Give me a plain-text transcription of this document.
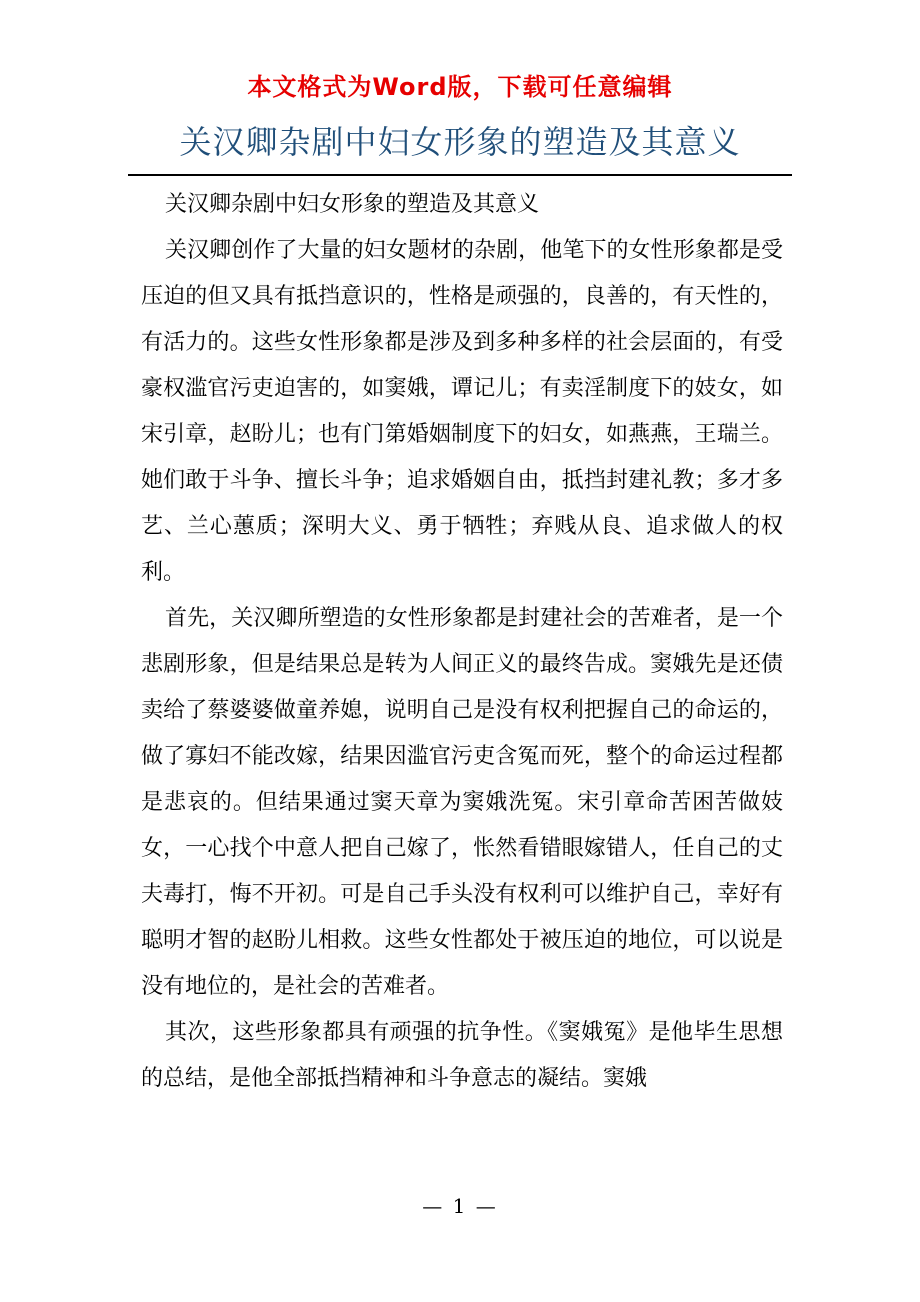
本文格式为Word版，下载可任意编辑
关汉卿杂剧中妇女形象的塑造及其意义

关汉卿杂剧中妇女形象的塑造及其意义

关汉卿创作了大量的妇女题材的杂剧，他笔下的女性形象都是受压迫的但又具有抵挡意识的，性格是顽强的，良善的，有天性的，有活力的。这些女性形象都是涉及到多种多样的社会层面的，有受豪权滥官污吏迫害的，如窦娥，谭记儿；有卖淫制度下的妓女，如宋引章，赵盼儿；也有门第婚姻制度下的妇女，如燕燕，王瑞兰。她们敢于斗争、擅长斗争；追求婚姻自由，抵挡封建礼教；多才多艺、兰心蕙质；深明大义、勇于牺牲；弃贱从良、追求做人的权利。

首先，关汉卿所塑造的女性形象都是封建社会的苦难者，是一个悲剧形象，但是结果总是转为人间正义的最终告成。窦娥先是还债卖给了蔡婆婆做童养媳，说明自己是没有权利把握自己的命运的，做了寡妇不能改嫁，结果因滥官污吏含冤而死，整个的命运过程都是悲哀的。但结果通过窦天章为窦娥洗冤。宋引章命苦困苦做妓女，一心找个中意人把自己嫁了，怅然看错眼嫁错人，任自己的丈夫毒打，悔不开初。可是自己手头没有权利可以维护自己，幸好有聪明才智的赵盼儿相救。这些女性都处于被压迫的地位，可以说是没有地位的，是社会的苦难者。

其次，这些形象都具有顽强的抗争性。《窦娥冤》是他毕生思想的总结，是他全部抵挡精神和斗争意志的凝结。窦娥

— 1 —
